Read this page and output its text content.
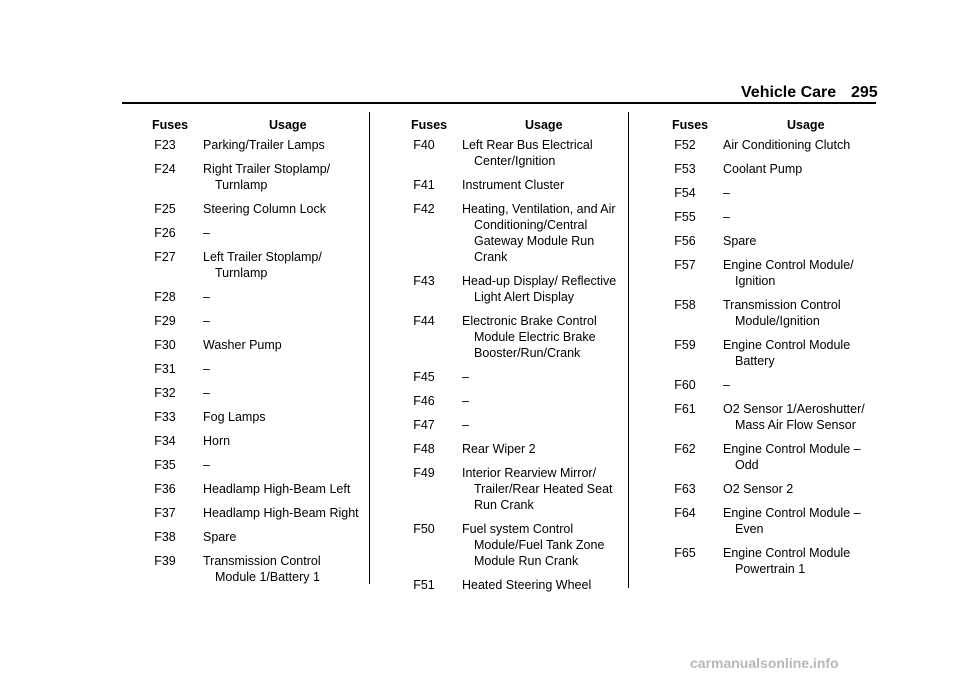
Vehicle Care 295
Fuses	Usage
F23	Parking/Trailer Lamps
F24	Right Trailer Stoplamp/ Turnlamp
F25	Steering Column Lock
F26	–
F27	Left Trailer Stoplamp/ Turnlamp
F28	–
F29	–
F30	Washer Pump
F31	–
F32	–
F33	Fog Lamps
F34	Horn
F35	–
F36	Headlamp High-Beam Left
F37	Headlamp High-Beam Right
F38	Spare
F39	Transmission Control Module 1/Battery 1
Fuses	Usage
F40	Left Rear Bus Electrical Center/Ignition
F41	Instrument Cluster
F42	Heating, Ventilation, and Air Conditioning/Central Gateway Module Run Crank
F43	Head-up Display/ Reflective Light Alert Display
F44	Electronic Brake Control Module Electric Brake Booster/Run/Crank
F45	–
F46	–
F47	–
F48	Rear Wiper 2
F49	Interior Rearview Mirror/ Trailer/Rear Heated Seat Run Crank
F50	Fuel system Control Module/Fuel Tank Zone Module Run Crank
F51	Heated Steering Wheel
Fuses	Usage
F52	Air Conditioning Clutch
F53	Coolant Pump
F54	–
F55	–
F56	Spare
F57	Engine Control Module/ Ignition
F58	Transmission Control Module/Ignition
F59	Engine Control Module Battery
F60	–
F61	O2 Sensor 1/Aeroshutter/ Mass Air Flow Sensor
F62	Engine Control Module – Odd
F63	O2 Sensor 2
F64	Engine Control Module – Even
F65	Engine Control Module Powertrain 1
carmanualsonline.info
